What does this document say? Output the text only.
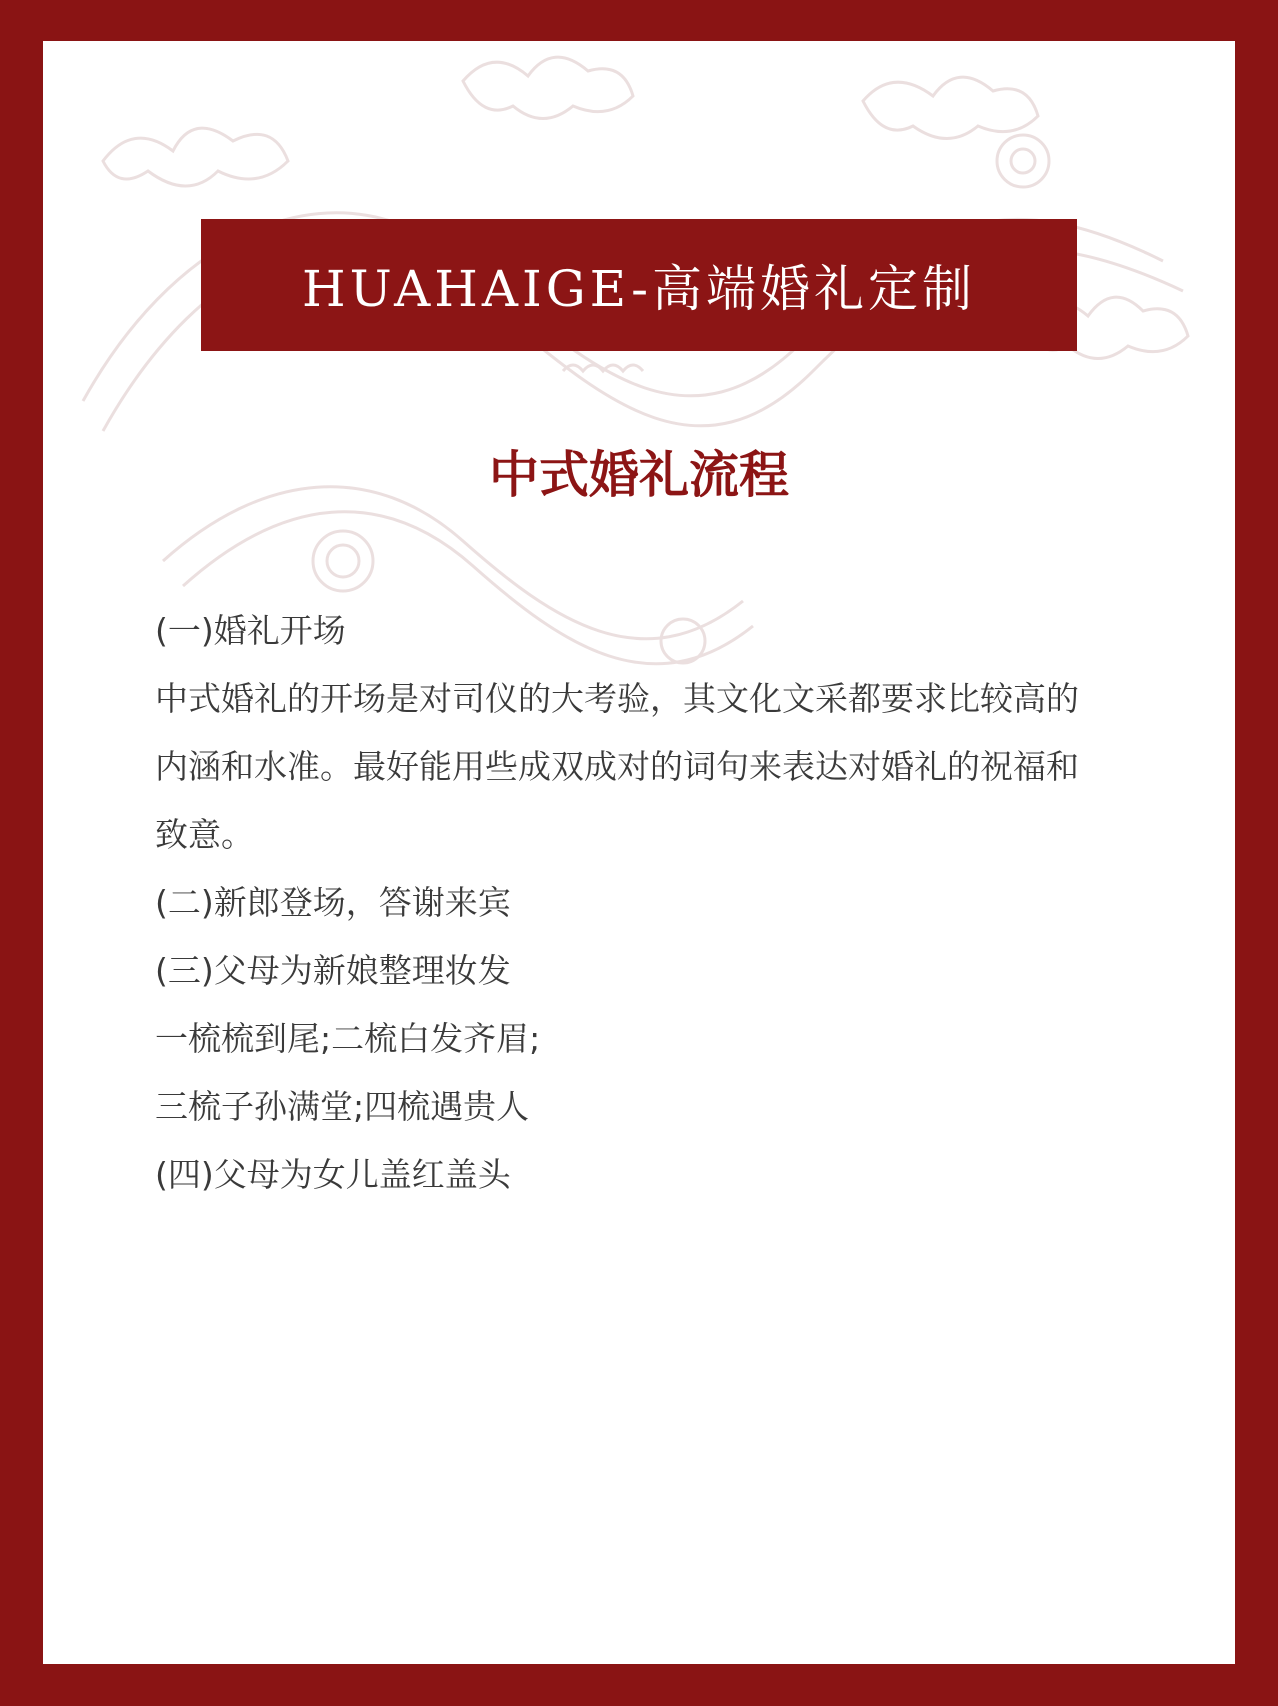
HUAHAIGE-高端婚礼定制
中式婚礼流程
(一)婚礼开场
中式婚礼的开场是对司仪的大考验，其文化文采都要求比较高的
内涵和水准。最好能用些成双成对的词句来表达对婚礼的祝福和
致意。
(二)新郎登场，答谢来宾
(三)父母为新娘整理妆发
一梳梳到尾;二梳白发齐眉;
三梳子孙满堂;四梳遇贵人
(四)父母为女儿盖红盖头
